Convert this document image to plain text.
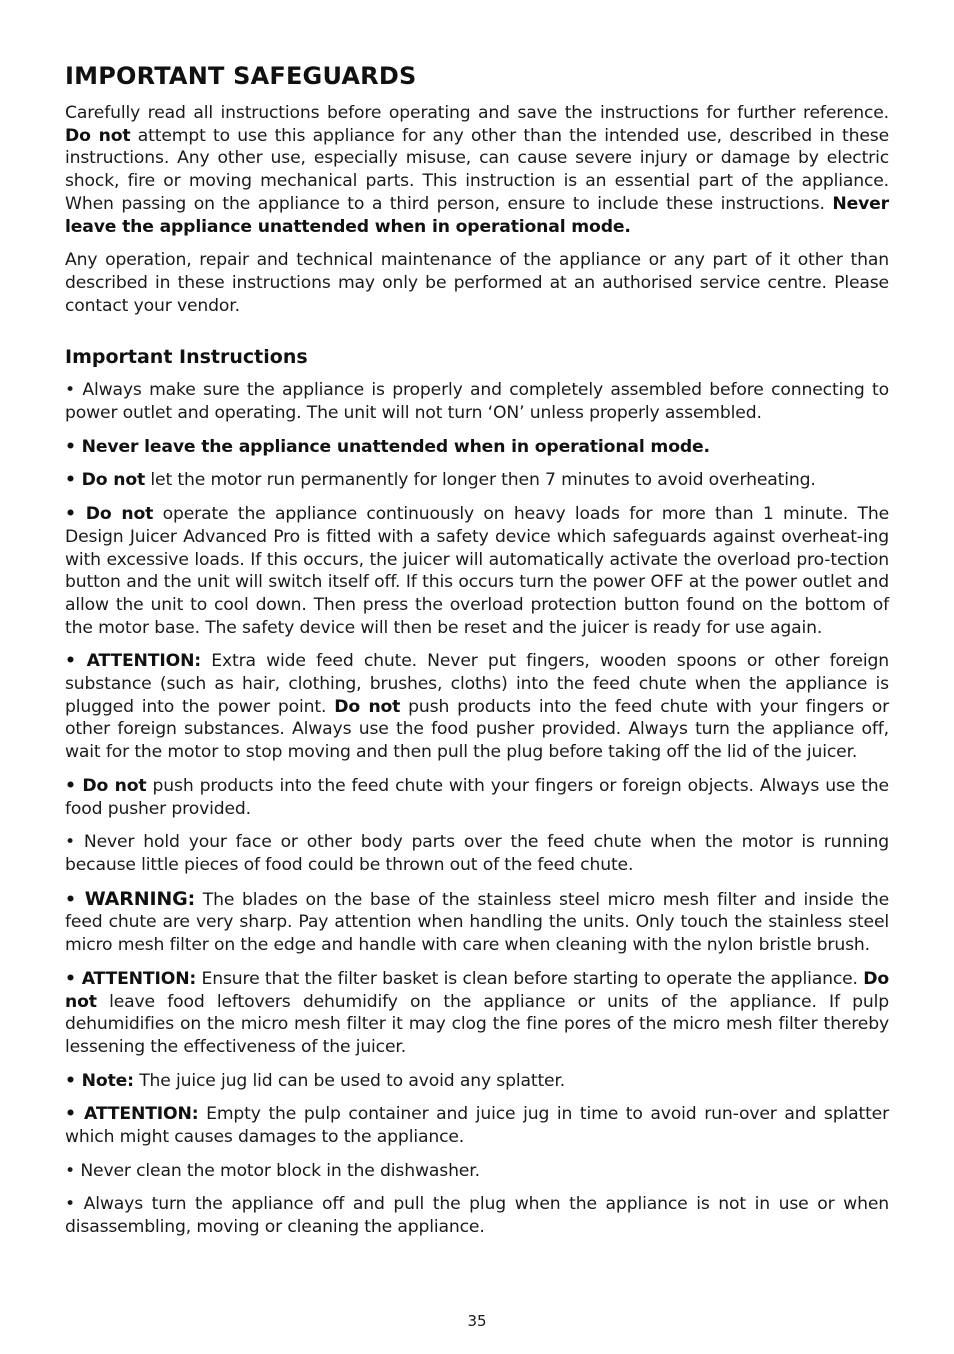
IMPORTANT SAFEGUARDS

Carefully read all instructions before operating and save the instructions for further reference. Do not attempt to use this appliance for any other than the intended use, described in these instructions. Any other use, especially misuse, can cause severe injury or damage by electric shock, fire or moving mechanical parts. This instruction is an essential part of the appliance. When passing on the appliance to a third person, ensure to include these instructions. Never leave the appliance unattended when in operational mode.

Any operation, repair and technical maintenance of the appliance or any part of it other than described in these instructions may only be performed at an authorised service centre. Please contact your vendor.

Important Instructions

• Always make sure the appliance is properly and completely assembled before connecting to power outlet and operating. The unit will not turn ‘ON’ unless properly assembled.

• Never leave the appliance unattended when in operational mode.

• Do not let the motor run permanently for longer then 7 minutes to avoid overheating.

• Do not operate the appliance continuously on heavy loads for more than 1 minute. The Design Juicer Advanced Pro is fitted with a safety device which safeguards against overheat-ing with excessive loads. If this occurs, the juicer will automatically activate the overload pro-tection button and the unit will switch itself off. If this occurs turn the power OFF at the power outlet and allow the unit to cool down. Then press the overload protection button found on the bottom of the motor base. The safety device will then be reset and the juicer is ready for use again.

• ATTENTION: Extra wide feed chute. Never put fingers, wooden spoons or other foreign substance (such as hair, clothing, brushes, cloths) into the feed chute when the appliance is plugged into the power point. Do not push products into the feed chute with your fingers or other foreign substances. Always use the food pusher provided. Always turn the appliance off, wait for the motor to stop moving and then pull the plug before taking off the lid of the juicer.

• Do not push products into the feed chute with your fingers or foreign objects. Always use the food pusher provided.

• Never hold your face or other body parts over the feed chute when the motor is running because little pieces of food could be thrown out of the feed chute.

• WARNING: The blades on the base of the stainless steel micro mesh filter and inside the feed chute are very sharp. Pay attention when handling the units. Only touch the stainless steel micro mesh filter on the edge and handle with care when cleaning with the nylon bristle brush.

• ATTENTION: Ensure that the filter basket is clean before starting to operate the appliance. Do not leave food leftovers dehumidify on the appliance or units of the appliance. If pulp dehumidifies on the micro mesh filter it may clog the fine pores of the micro mesh filter thereby lessening the effectiveness of the juicer.

• Note: The juice jug lid can be used to avoid any splatter.

• ATTENTION: Empty the pulp container and juice jug in time to avoid run-over and splatter which might causes damages to the appliance.

• Never clean the motor block in the dishwasher.

• Always turn the appliance off and pull the plug when the appliance is not in use or when disassembling, moving or cleaning the appliance.

35
